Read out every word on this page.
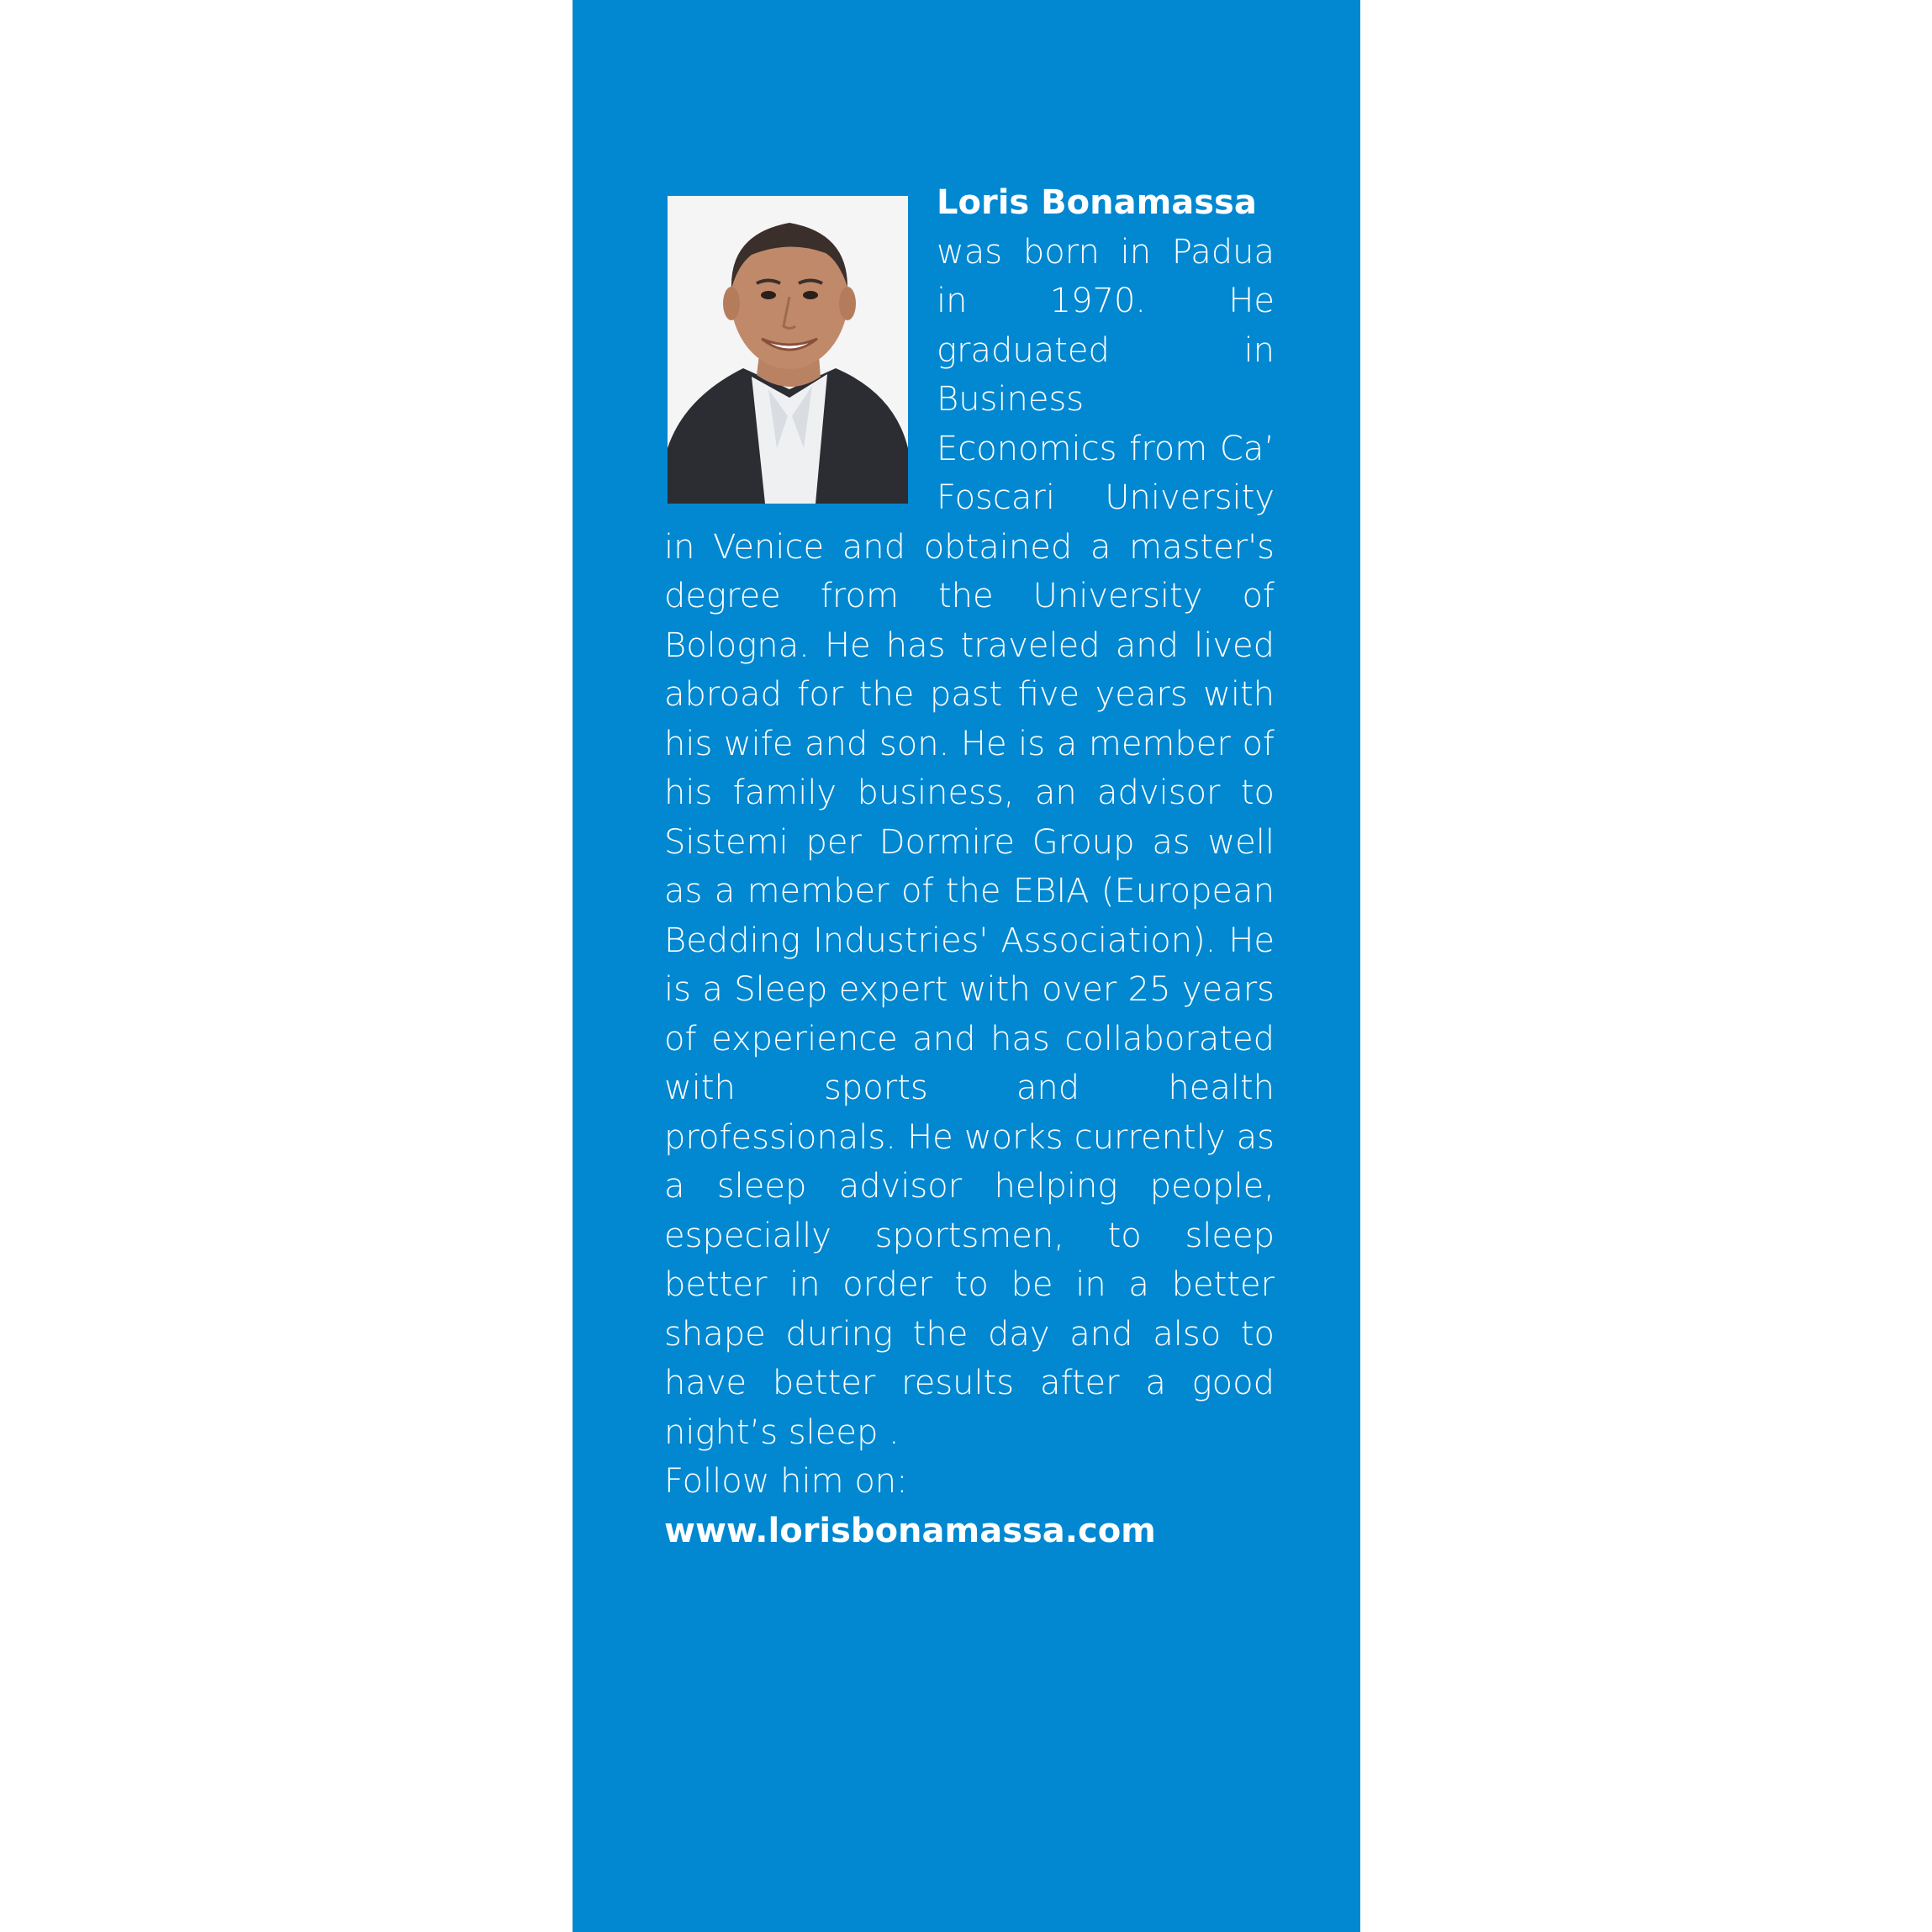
Loris Bonamassa
was born in Padua in 1970. He graduated in Business Economics from Ca’ Foscari University in Venice and obtained a master's degree from the University of Bologna. He has traveled and lived abroad for the past five years with his wife and son. He is a member of his family business, an advisor to Sistemi per Dormire Group as well as a member of the EBIA (European Bedding Industries' Association). He is a Sleep expert with over 25 years of experience and has collaborated with sports and health professionals. He works currently as a sleep advisor helping people, especially sportsmen, to sleep better in order to be in a better shape during the day and also to have better results after a good night’s sleep .
Follow him on:
www.lorisbonamassa.com
